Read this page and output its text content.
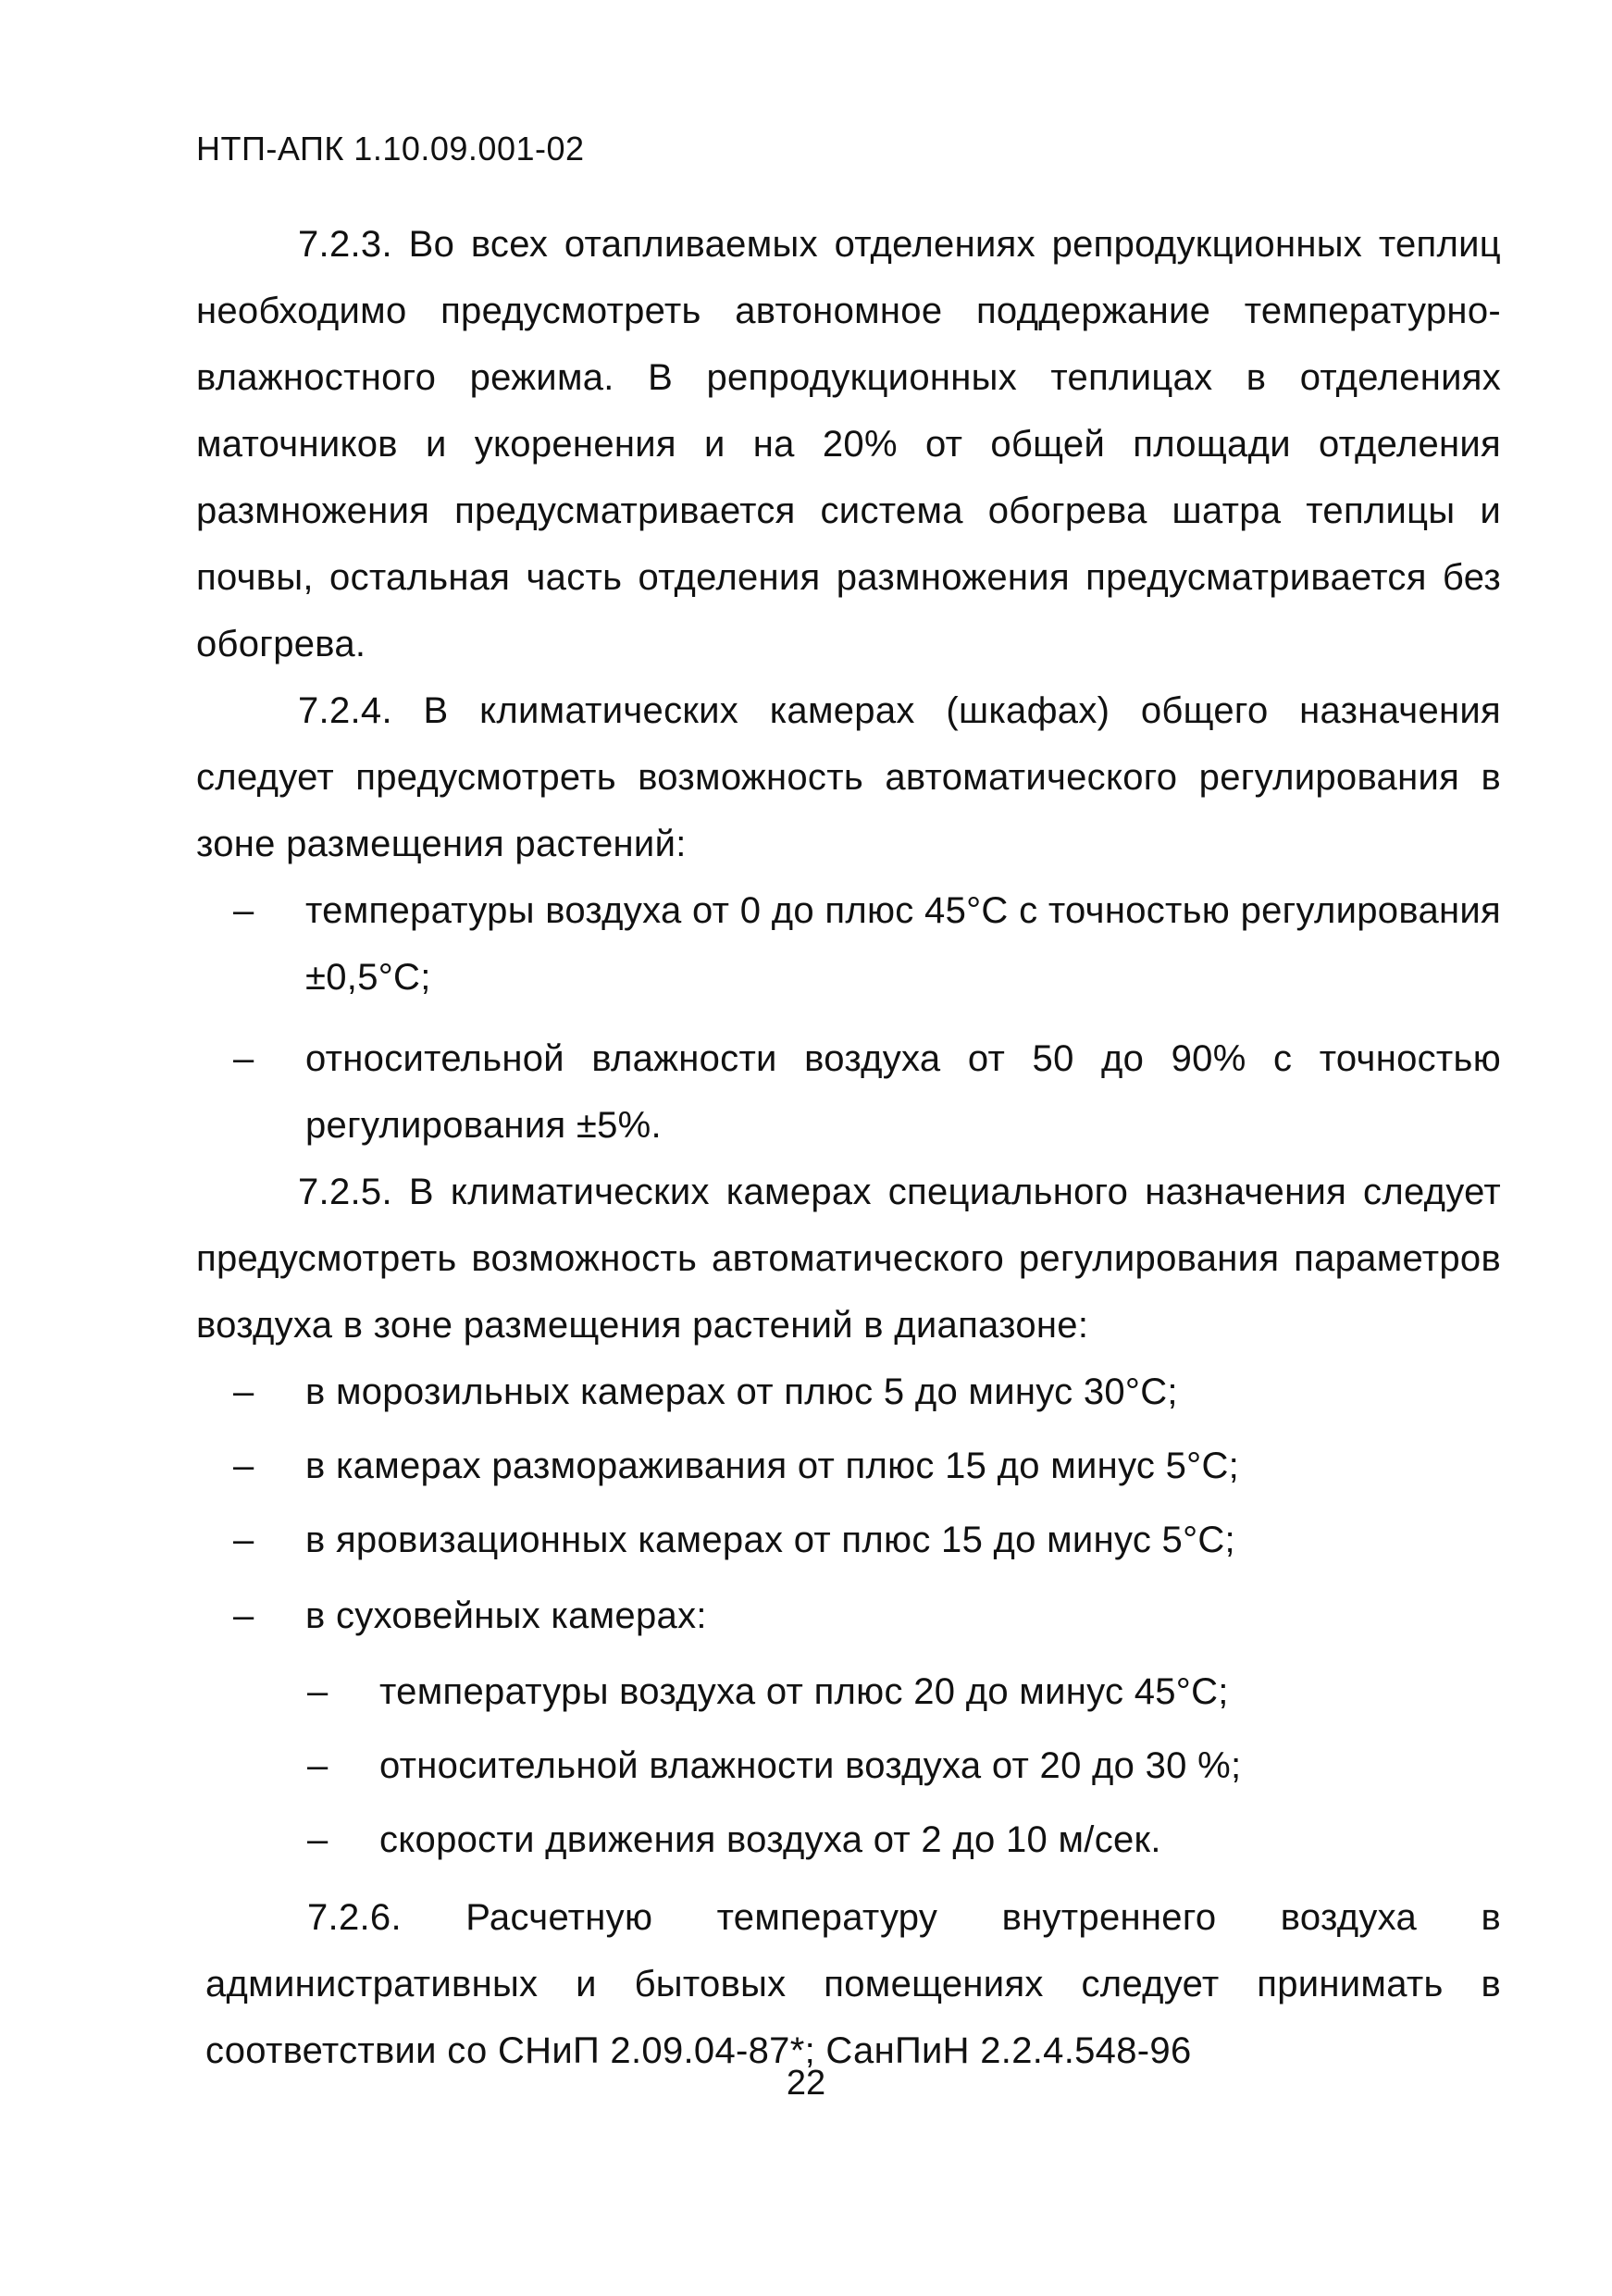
НТП-АПК 1.10.09.001-02
7.2.3. Во всех отапливаемых отделениях репродукционных теплиц необходимо предусмотреть автономное поддержание температурно-влажностного режима. В репродукционных теплицах в отделениях маточников и укоренения и на 20% от общей площади отделения размножения предусматривается система обогрева шатра теплицы и почвы, остальная часть отделения размножения предусматривается без обогрева.
7.2.4. В климатических камерах (шкафах) общего назначения следует предусмотреть возможность автоматического регулирования в зоне размещения растений:
– температуры воздуха от 0 до плюс 45°С с точностью регулирования ±0,5°С;
– относительной влажности воздуха от 50 до 90% с точностью регулирования ±5%.
7.2.5. В климатических камерах специального назначения следует предусмотреть возможность автоматического регулирования параметров воздуха в зоне размещения растений в диапазоне:
– в морозильных камерах от плюс 5 до минус 30°С;
– в камерах размораживания от плюс 15 до минус 5°С;
– в яровизационных камерах от плюс 15 до минус 5°С;
– в суховейных камерах:
– температуры воздуха от плюс 20 до минус 45°С;
– относительной влажности воздуха от 20 до 30 %;
– скорости движения воздуха от 2 до 10 м/сек.
7.2.6. Расчетную температуру внутреннего воздуха в административных и бытовых помещениях следует принимать в соответствии со СНиП 2.09.04-87*; СанПиН 2.2.4.548-96
22
